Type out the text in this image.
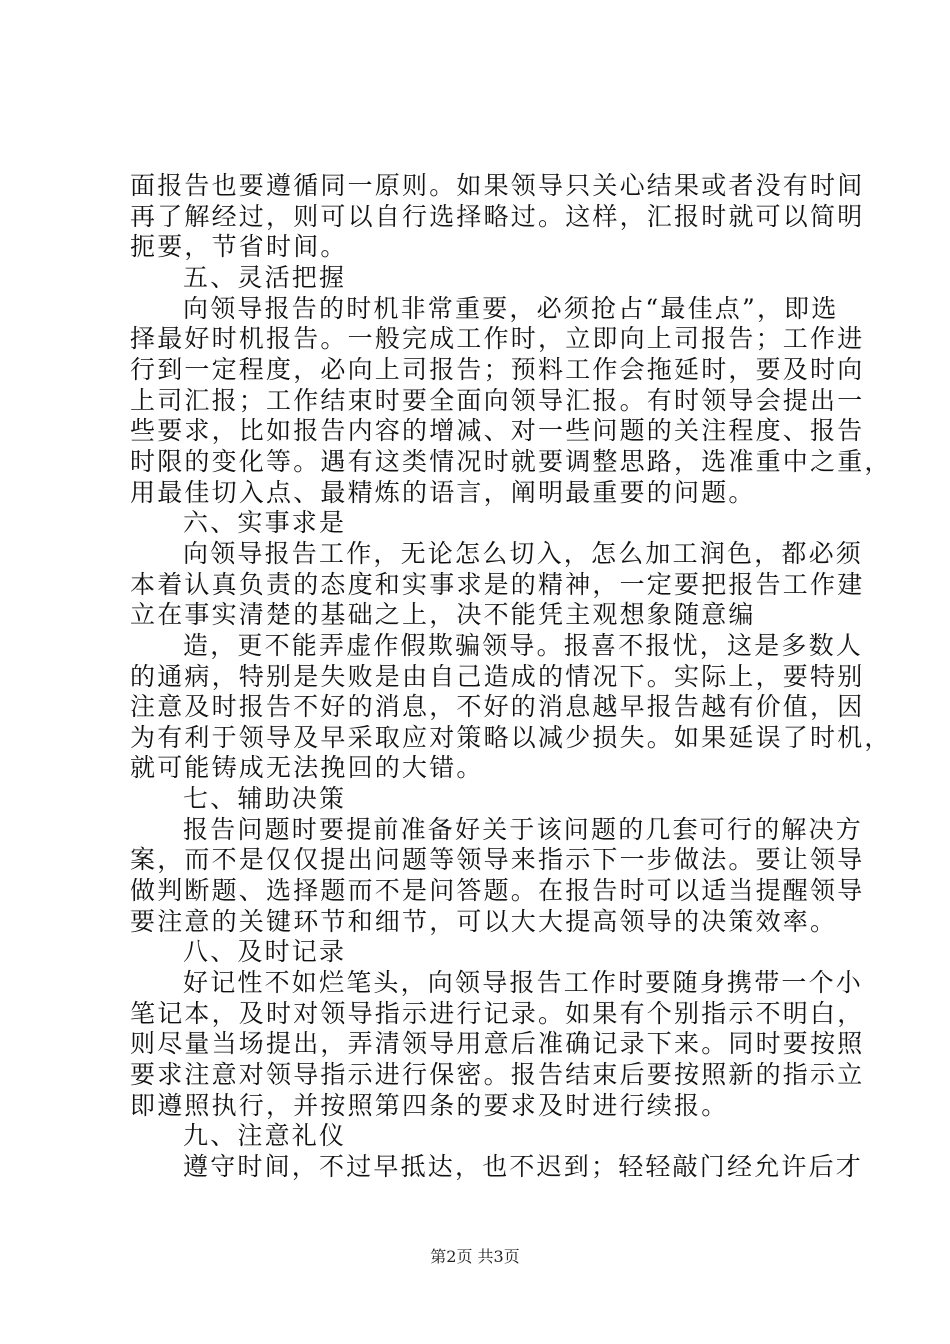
面报告也要遵循同一原则。如果领导只关心结果或者没有时间
再了解经过，则可以自行选择略过。这样，汇报时就可以简明
扼要，节省时间。
五、灵活把握
向领导报告的时机非常重要，必须抢占“最佳点”，即选
择最好时机报告。一般完成工作时，立即向上司报告；工作进
行到一定程度，必向上司报告；预料工作会拖延时，要及时向
上司汇报；工作结束时要全面向领导汇报。有时领导会提出一
些要求，比如报告内容的增减、对一些问题的关注程度、报告
时限的变化等。遇有这类情况时就要调整思路，选准重中之重，
用最佳切入点、最精炼的语言，阐明最重要的问题。
六、实事求是
向领导报告工作，无论怎么切入，怎么加工润色，都必须
本着认真负责的态度和实事求是的精神，一定要把报告工作建
立在事实清楚的基础之上，决不能凭主观想象随意编
造，更不能弄虚作假欺骗领导。报喜不报忧，这是多数人
的通病，特别是失败是由自己造成的情况下。实际上，要特别
注意及时报告不好的消息，不好的消息越早报告越有价值，因
为有利于领导及早采取应对策略以减少损失。如果延误了时机，
就可能铸成无法挽回的大错。
七、辅助决策
报告问题时要提前准备好关于该问题的几套可行的解决方
案，而不是仅仅提出问题等领导来指示下一步做法。要让领导
做判断题、选择题而不是问答题。在报告时可以适当提醒领导
要注意的关键环节和细节，可以大大提高领导的决策效率。
八、及时记录
好记性不如烂笔头，向领导报告工作时要随身携带一个小
笔记本，及时对领导指示进行记录。如果有个别指示不明白，
则尽量当场提出，弄清领导用意后准确记录下来。同时要按照
要求注意对领导指示进行保密。报告结束后要按照新的指示立
即遵照执行，并按照第四条的要求及时进行续报。
九、注意礼仪
遵守时间，不过早抵达，也不迟到；轻轻敲门经允许后才
第2页 共3页
